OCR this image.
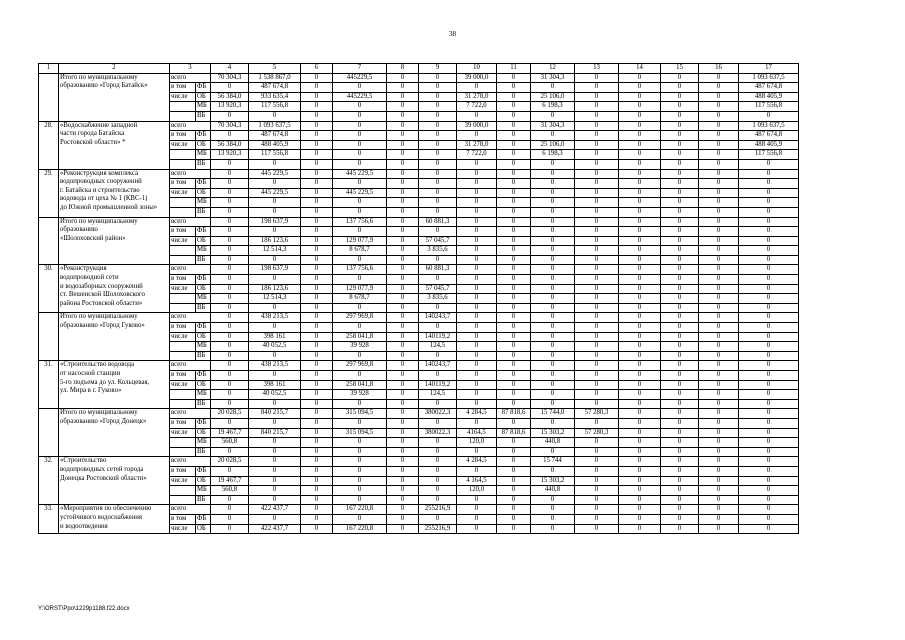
38
1	2	3		4	5	6	7	8	9	10	11	12	13	14	15	16	17

	Итого по муниципальному
образованию «Город Батайск»	всего		70 304,3	1 538 867,0	0	445229,5	0	0	39 000,0	0	31 304,3	0	0	0	0	1 093 637,5
		в том	ФБ	0	487 674,8	0	0	0	0	0	0	0	0	0	0	0	487 674,8
		числе	ОБ	56 384,0	933 635,4	0	445229,5	0	0	31 278,0	0	25 106,0	0	0	0	0	488 405,9
			МБ	13 920,3	117 556,8	0	0	0	0	7 722,0	0	6 198,3	0	0	0	0	117 556,8
			ВБ	0	0	0	0	0	0	0	0	0	0	0	0	0	0
28.	«Водоснабжение западной
части города Батайска
Ростовской области» *	всего		70 304,3	1 093 637,5	0	0	0	0	39 000,0	0	31 304,3	0	0	0	0	1 093 637,5
		в том	ФБ	0	487 674,8	0	0	0	0	0	0	0	0	0	0	0	487 674,8
		числе	ОБ	56 384,0	488 405,9	0	0	0	0	31 278,0	0	25 106,0	0	0	0	0	488 405,9
			МБ	13 920,3	117 556,8	0	0	0	0	7 722,0	0	6 198,3	0	0	0	0	117 556,8
			ВБ	0	0	0	0	0	0	0	0	0	0	0	0	0	0
29.	«Реконструкция комплекса
водопроводных сооружений
г. Батайска и строительство
водовода от цеха № 1 (КВС-1)
до Южной промышленной зоны»	всего		0	445 229,5	0	445 229,5	0	0	0	0	0	0	0	0	0	0
		в том	ФБ	0	0	0	0	0	0	0	0	0	0	0	0	0	0
		числе	ОБ	0	445 229,5	0	445 229,5	0	0	0	0	0	0	0	0	0	0
			МБ	0	0	0	0	0	0	0	0	0	0	0	0	0	0
			ВБ	0	0	0	0	0	0	0	0	0	0	0	0	0	0

	Итого по муниципальному
образованию
«Шолоховский район»	всего		0	198 637,9	0	137 756,6	0	60 881,3	0	0	0	0	0	0	0	0
		в том	ФБ	0	0	0	0	0	0	0	0	0	0	0	0	0	0
		числе	ОБ	0	186 123,6	0	129 077,9	0	57 045,7	0	0	0	0	0	0	0	0
			МБ	0	12 514,3	0	8 678,7	0	3 835,6	0	0	0	0	0	0	0	0
			ВБ	0	0	0	0	0	0	0	0	0	0	0	0	0	0
30.	«Реконструкция
водопроводной сети
и водозаборных сооружений
ст. Вешенской Шолоховского
района Ростовской области»	всего		0	198 637,9	0	137 756,6	0	60 881,3	0	0	0	0	0	0	0	0
		в том	ФБ	0	0	0	0	0	0	0	0	0	0	0	0	0	0
		числе	ОБ	0	186 123,6	0	129 077,9	0	57 045,7	0	0	0	0	0	0	0	0
			МБ	0	12 514,3	0	8 678,7	0	3 835,6	0	0	0	0	0	0	0	0
			ВБ	0	0	0	0	0	0	0	0	0	0	0	0	0	0

	Итого по муниципальному
образованию «Город Гуково»	всего		0	438 213,5	0	297 969,8	0	140243,7	0	0	0	0	0	0	0	0
		в том	ФБ	0	0	0	0	0	0	0	0	0	0	0	0	0	0
		числе	ОБ	0	398 161	0	258 041,8	0	140119,2	0	0	0	0	0	0	0	0
			МБ	0	40 052,5	0	39 928	0	124,5	0	0	0	0	0	0	0	0
			ВБ	0	0	0	0	0	0	0	0	0	0	0	0	0	0
31.	«Строительство водовода
от насосной станции
5-го подъема до ул. Кольцевая,
ул. Мира в г. Гуково»	всего		0	438 213,5	0	297 969,8	0	140243,7	0	0	0	0	0	0	0	0
		в том	ФБ	0	0	0	0	0	0	0	0	0	0	0	0	0	0
		числе	ОБ	0	398 161	0	258 041,8	0	140119,2	0	0	0	0	0	0	0	0
			МБ	0	40 052,5	0	39 928	0	124,5	0	0	0	0	0	0	0	0
			ВБ	0	0	0	0	0	0	0	0	0	0	0	0	0	0

	Итого по муниципальному
образованию «Город Донецк»	всего		20 028,5	840 215,7	0	315 094,5	0	380022,3	4 284,5	87 818,6	15 744,0	57 280,3	0	0	0	0
		в том	ФБ	0	0	0	0	0	0	0	0	0	0	0	0	0	0
		числе	ОБ	19 467,7	840 215,7	0	315 094,5	0	380022,3	4164,5	87 818,6	15 303,2	57 280,3	0	0	0	0
			МБ	560,8	0	0	0	0	0	120,0	0	440,8	0	0	0	0	0
			ВБ	0	0	0	0	0	0	0	0	0	0	0	0	0	0
32.	«Строительство
водопроводных сетей города
Донецка Ростовской области»	всего		20 028,5	0	0	0	0	0	4 284,5	0	15 744	0	0	0	0	0
		в том	ФБ	0	0	0	0	0	0	0	0	0	0	0	0	0	0
		числе	ОБ	19 467,7	0	0	0	0	0	4 164,5	0	15 303,2	0	0	0	0	0
			МБ	560,8	0	0	0	0	0	120,0	0	440,8	0	0	0	0	0
			ВБ	0	0	0	0	0	0	0	0	0	0	0	0	0	0
33.	«Мероприятия по обеспечению
устойчивого водоснабжения
и водоотведения	всего		0	422 437,7	0	167 220,8	0	255216,9	0	0	0	0	0	0	0	0
		в том	ФБ	0	0	0	0	0	0	0	0	0	0	0	0	0	0
		числе	ОБ	0	422 437,7	0	167 220,8	0	255216,9	0	0	0	0	0	0	0	0
Y:\ORST\Ppo\1229p1188.f22.docx
